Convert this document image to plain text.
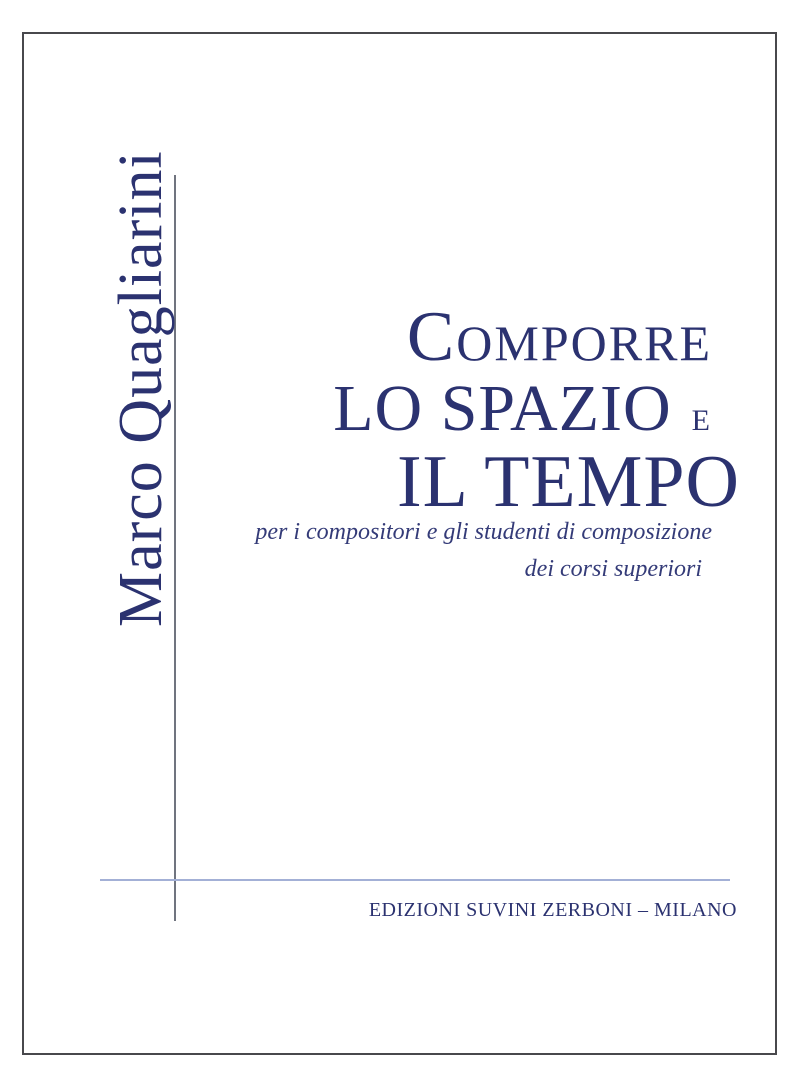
Marco Quagliarini	Comporre
LO SPAZIO E
IL TEMPO
per i compositori e gli studenti di composizione
dei corsi superiori
EDIZIONI SUVINI ZERBONI – MILANO
